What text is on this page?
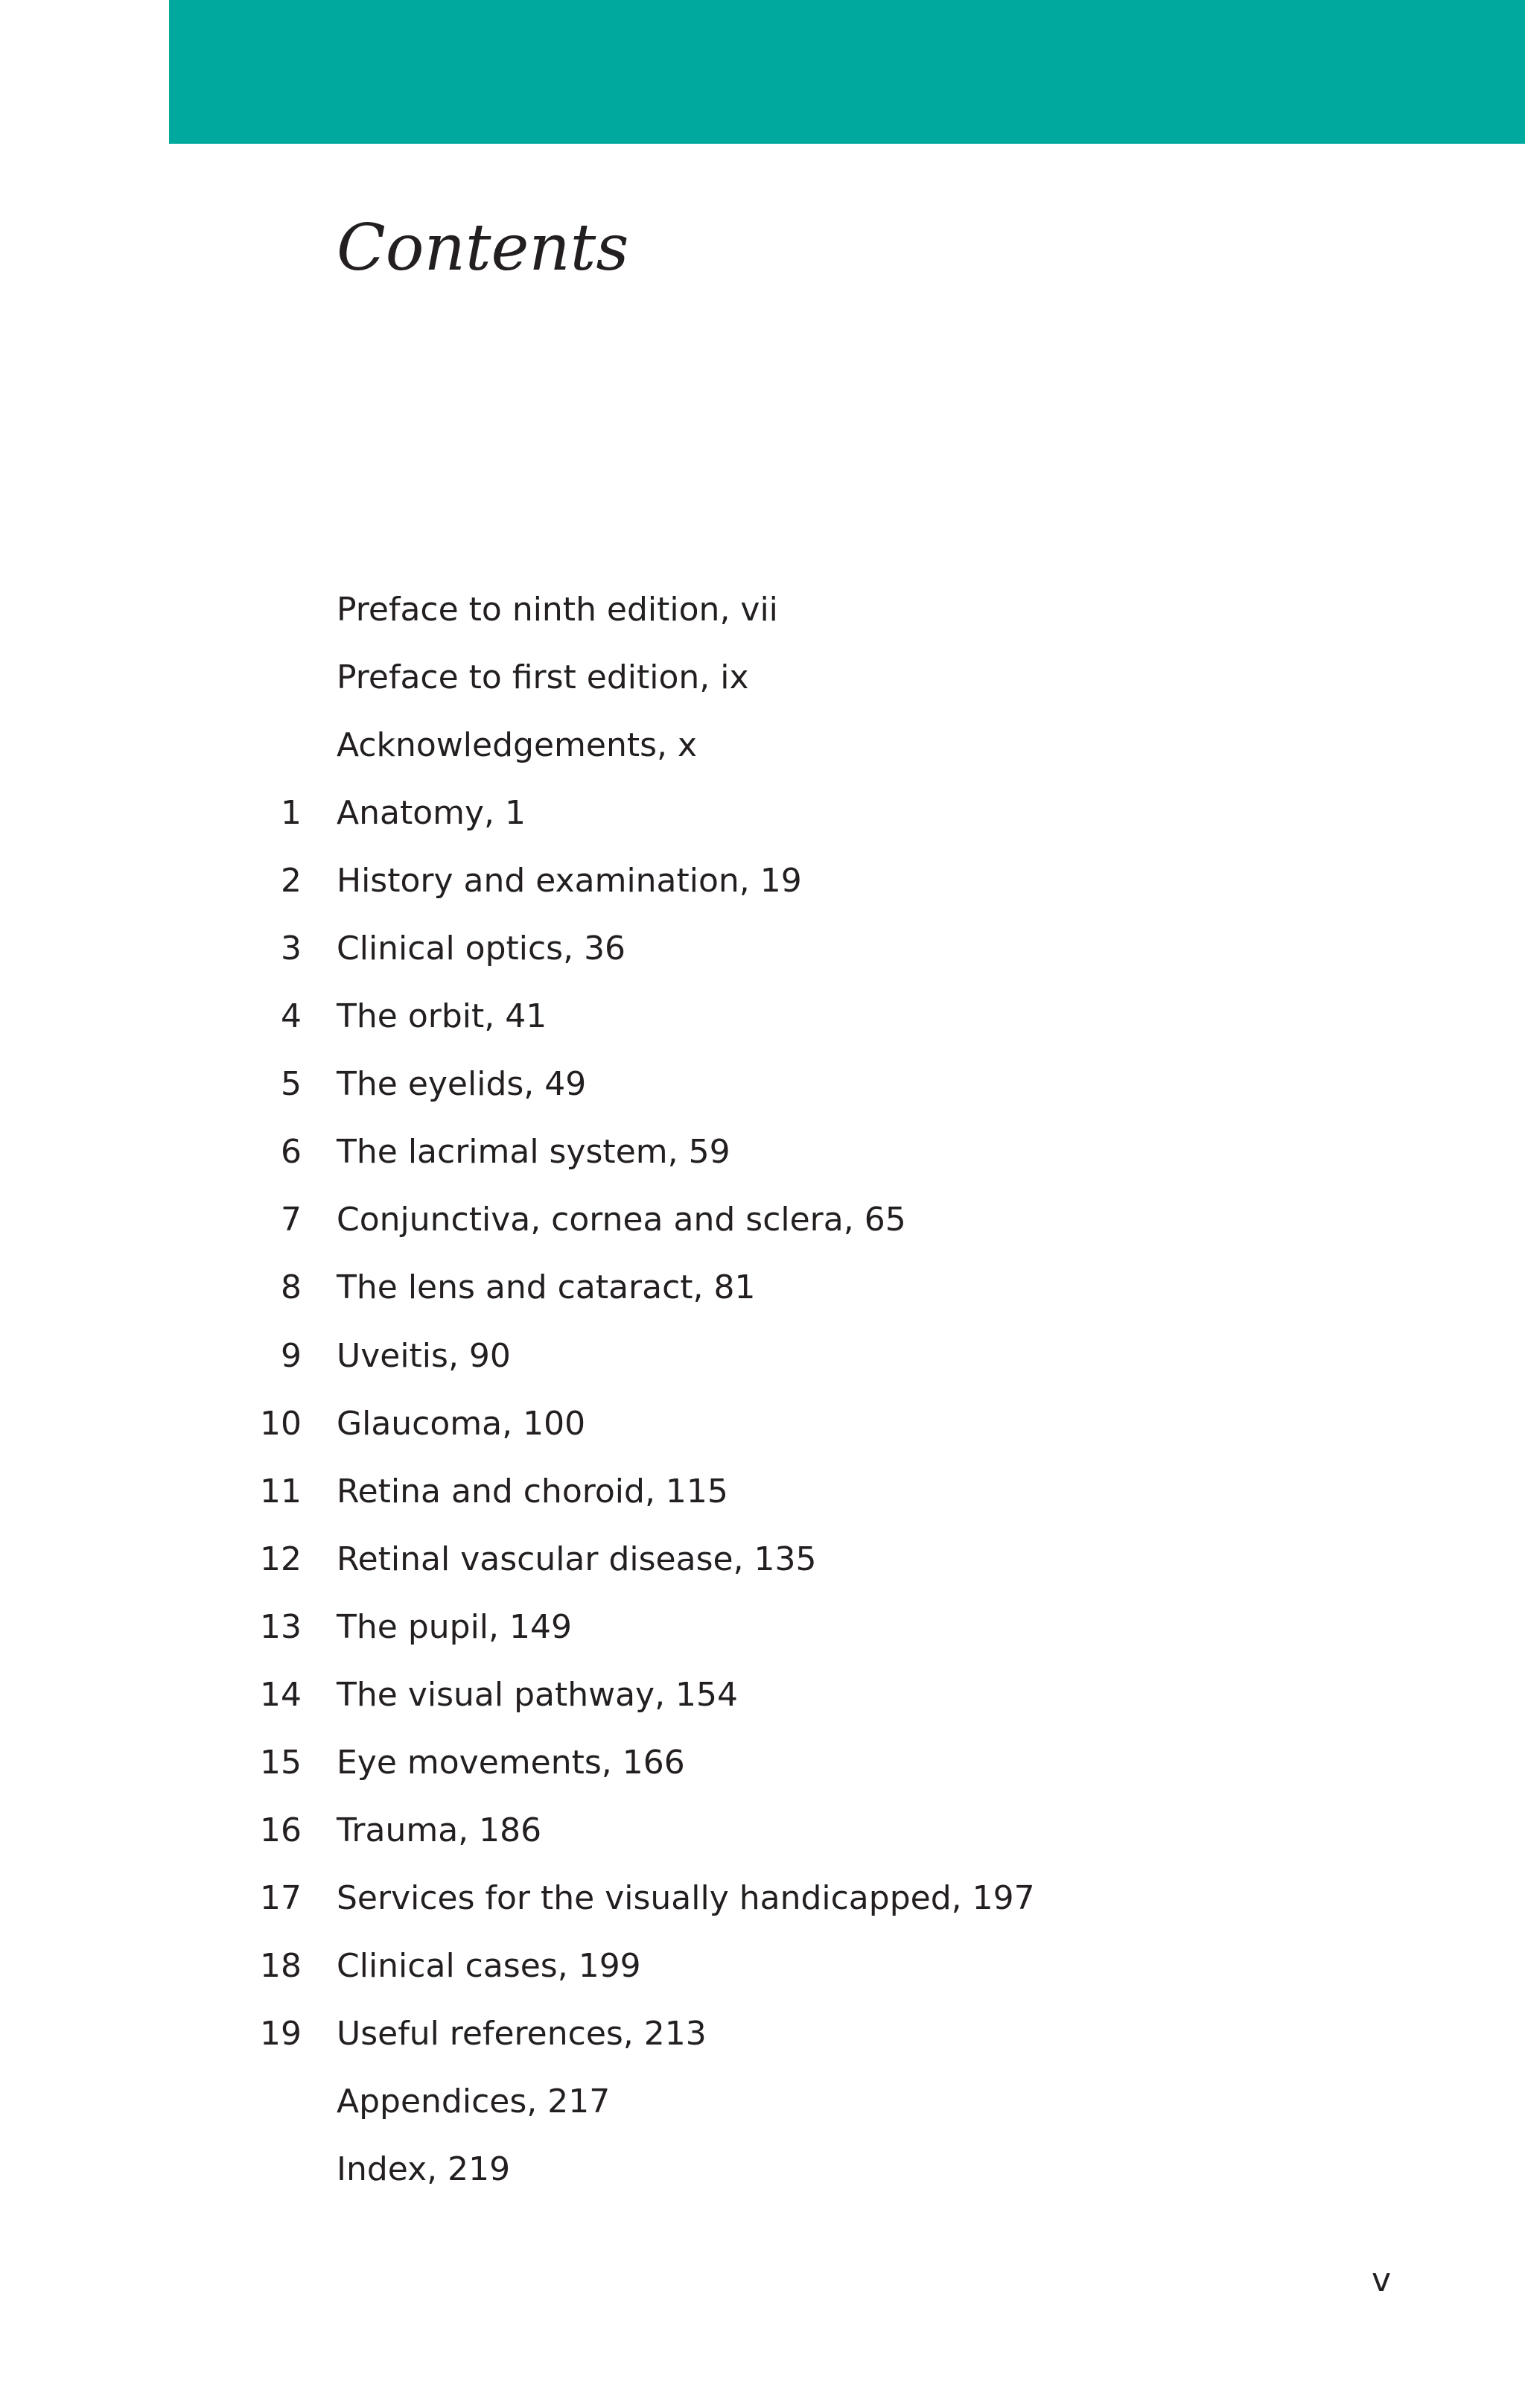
Contents
Preface to ninth edition, vii
Preface to first edition, ix
Acknowledgements, x
1 Anatomy, 1
2 History and examination, 19
3 Clinical optics, 36
4 The orbit, 41
5 The eyelids, 49
6 The lacrimal system, 59
7 Conjunctiva, cornea and sclera, 65
8 The lens and cataract, 81
9 Uveitis, 90
10 Glaucoma, 100
11 Retina and choroid, 115
12 Retinal vascular disease, 135
13 The pupil, 149
14 The visual pathway, 154
15 Eye movements, 166
16 Trauma, 186
17 Services for the visually handicapped, 197
18 Clinical cases, 199
19 Useful references, 213
Appendices, 217
Index, 219
v
